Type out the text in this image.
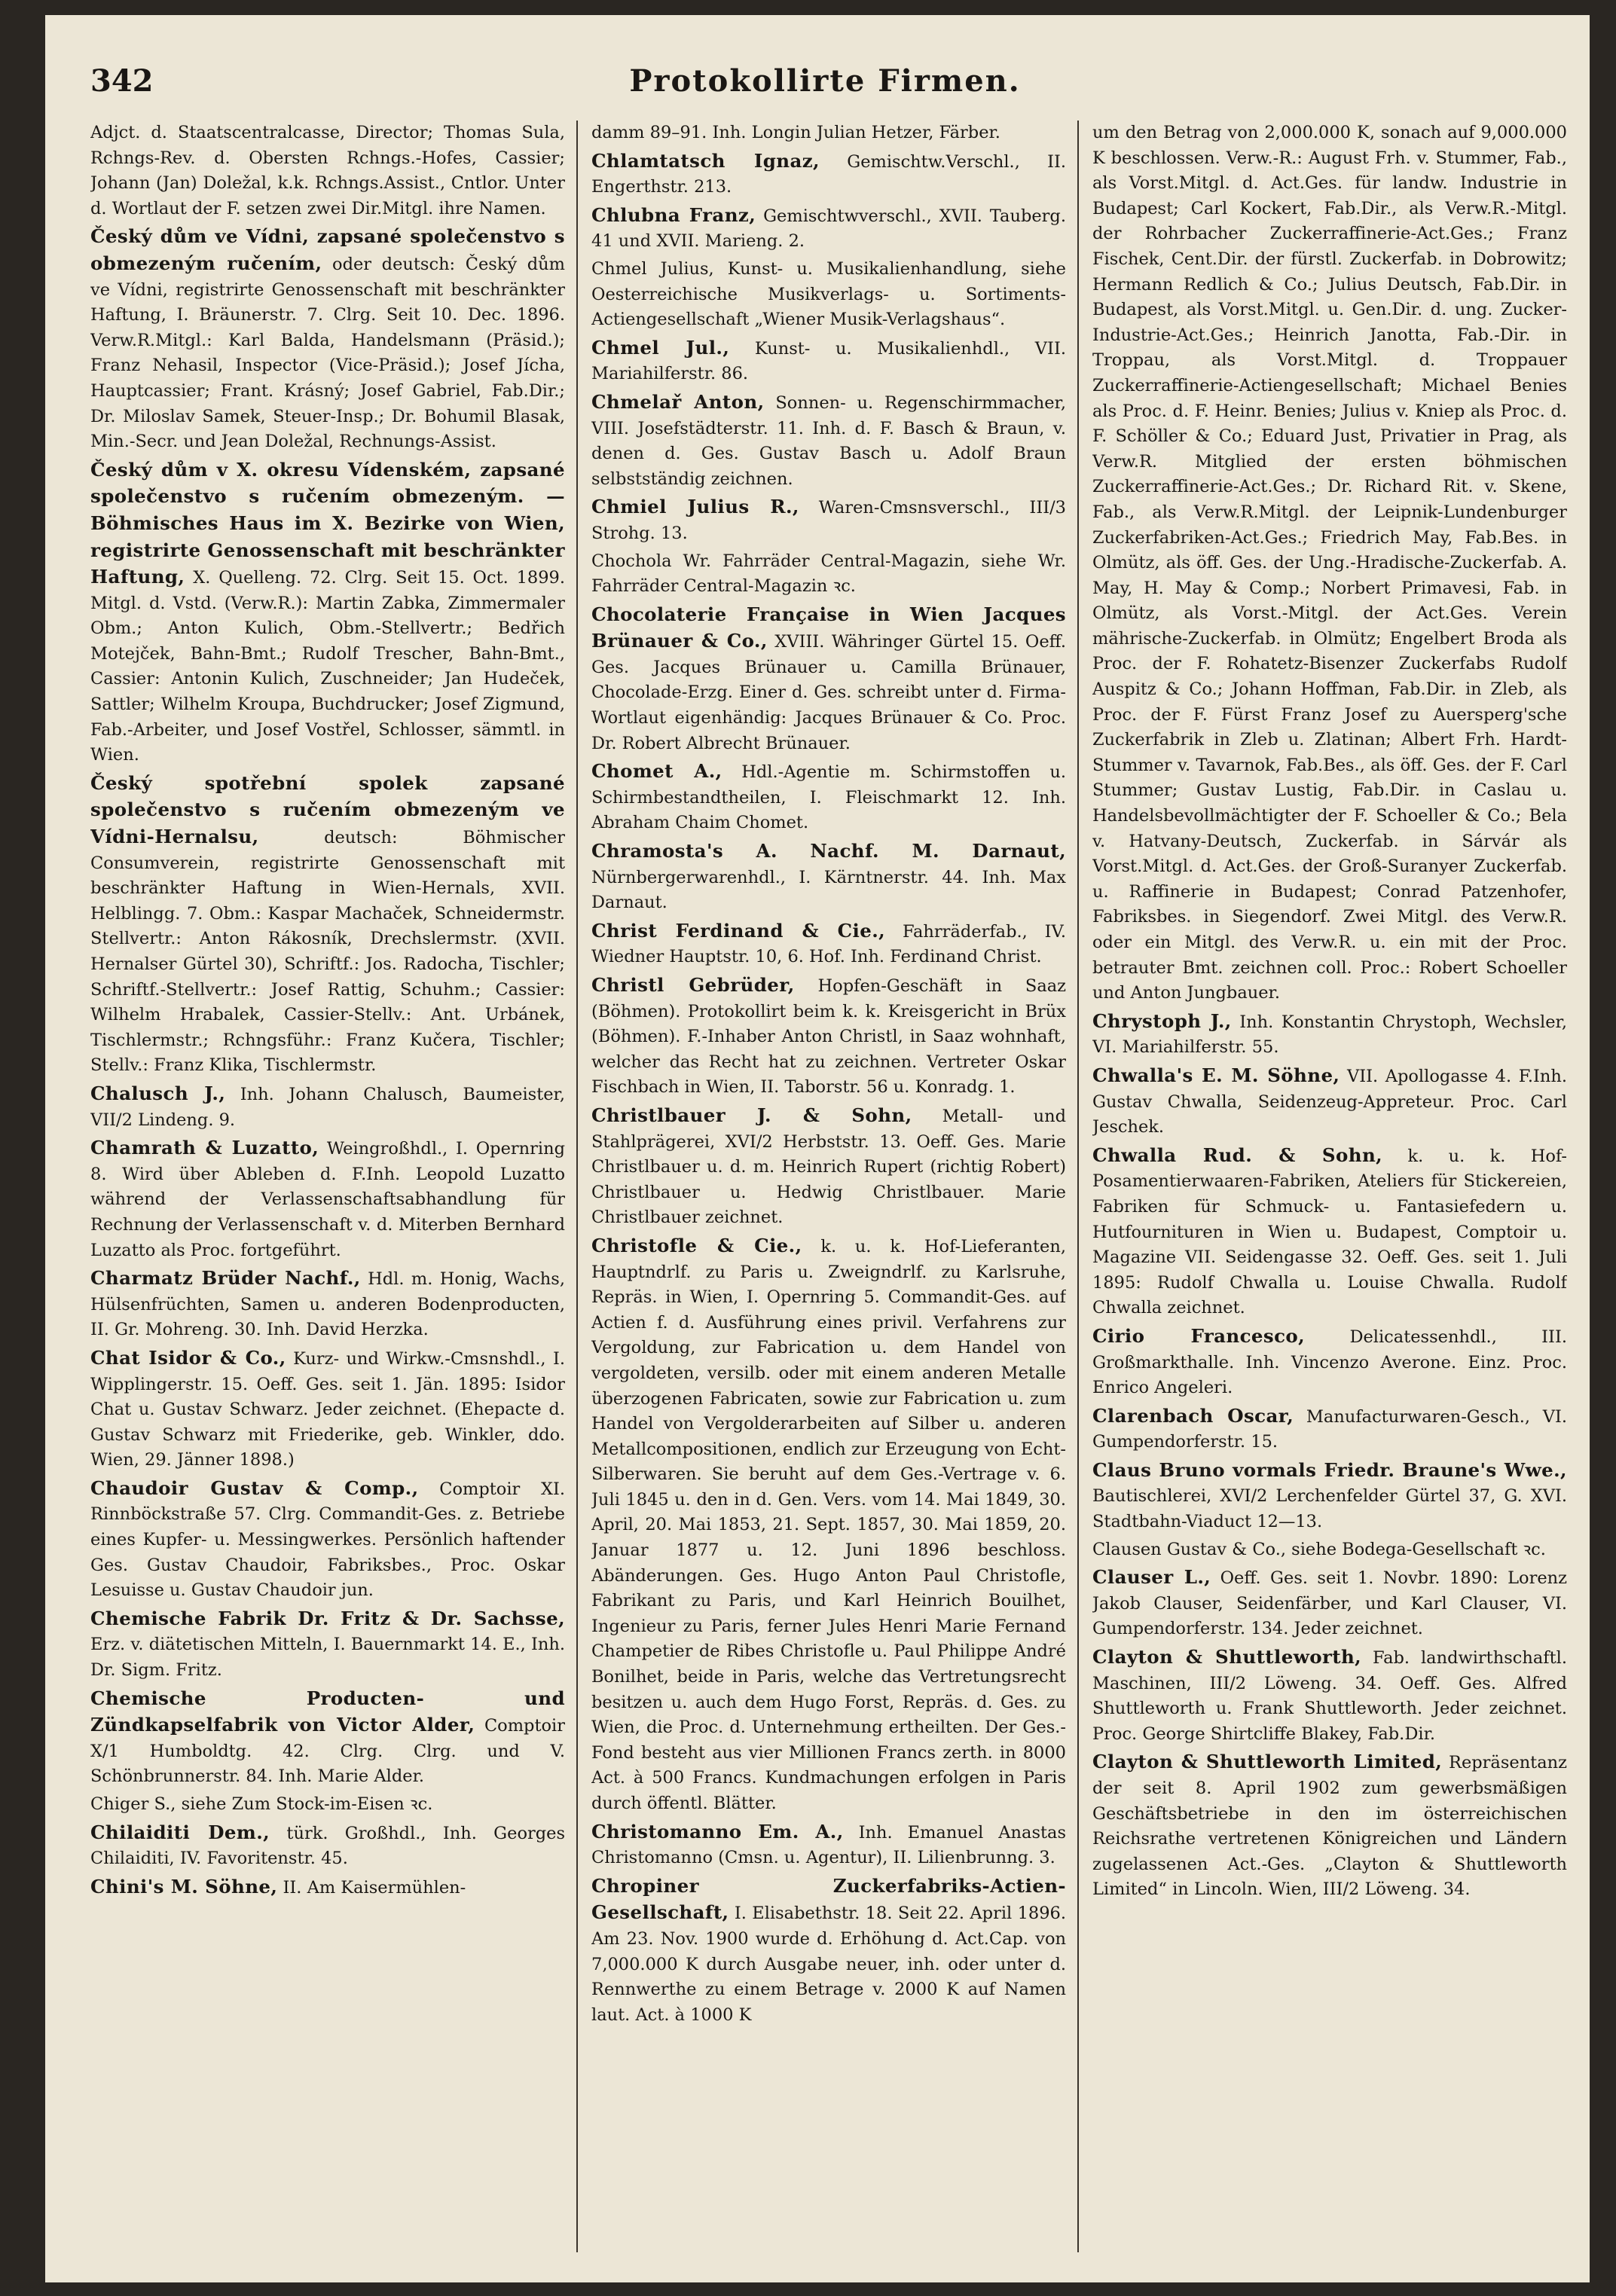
342	Protokollirte Firmen.

Adjct. d. Staatscentralcasse, Director; Thomas Sula, Rchngs-Rev. d. Obersten Rchngs.-Hofes, Cassier; Johann (Jan) Doležal, k.k. Rchngs.Assist., Cntlor. Unter d. Wortlaut der F. setzen zwei Dir.Mitgl. ihre Namen.

Český dům ve Vídni, zapsané společenstvo s obmezeným ručením, oder deutsch: Český dům ve Vídni, registrirte Genossenschaft mit beschränkter Haftung, I. Bräunerstr. 7. Clrg. Seit 10. Dec. 1896. Verw.R.Mitgl.: Karl Balda, Handelsmann (Präsid.); Franz Nehasil, Inspector (Vice-Präsid.); Josef Jícha, Hauptcassier; Frant. Krásný; Josef Gabriel, Fab.Dir.; Dr. Miloslav Samek, Steuer-Insp.; Dr. Bohumil Blasak, Min.-Secr. und Jean Doležal, Rechnungs-Assist.

Český dům v X. okresu Vídenském, zapsané společenstvo s ručením obmezeným. — Böhmisches Haus im X. Bezirke von Wien, registrirte Genossenschaft mit beschränkter Haftung, X. Quelleng. 72. Clrg. Seit 15. Oct. 1899. Mitgl. d. Vstd. (Verw.R.): Martin Zabka, Zimmermaler Obm.; Anton Kulich, Obm.-Stellvertr.; Bedřich Motejček, Bahn-Bmt.; Rudolf Trescher, Bahn-Bmt., Cassier: Antonin Kulich, Zuschneider; Jan Hudeček, Sattler; Wilhelm Kroupa, Buchdrucker; Josef Zigmund, Fab.-Arbeiter, und Josef Vostřel, Schlosser, sämmtl. in Wien.

Český spotřební spolek zapsané společenstvo s ručením obmezeným ve Vídni-Hernalsu,	deutsch: Böhmischer Consumverein, registrirte Genossenschaft mit beschränkter Haftung in Wien-Hernals, XVII. Helblingg. 7. Obm.: Kaspar Machaček, Schneidermstr. Stellvertr.: Anton Rákosník, Drechslermstr. (XVII. Hernalser Gürtel 30), Schriftf.: Jos. Radocha, Tischler; Schriftf.-Stellvertr.: Josef Rattig, Schuhm.; Cassier: Wilhelm Hrabalek, Cassier-Stellv.: Ant. Urbánek, Tischlermstr.; Rchngsführ.: Franz Kučera, Tischler; Stellv.: Franz Klika, Tischlermstr.

Chalusch J., Inh. Johann Chalusch, Baumeister, VII/2 Lindeng. 9.

Chamrath & Luzatto, Weingroßhdl., I. Opernring 8. Wird über Ableben d. F.Inh. Leopold Luzatto während der Verlassenschaftsabhandlung für Rechnung der Verlassenschaft v. d. Miterben Bernhard Luzatto als Proc. fortgeführt.

Charmatz Brüder Nachf., Hdl. m. Honig, Wachs, Hülsenfrüchten, Samen u. anderen Bodenproducten, II. Gr. Mohreng. 30. Inh. David Herzka.

Chat Isidor & Co., Kurz- und Wirkw.-Cmsnshdl., I. Wipplingerstr. 15. Oeff. Ges. seit 1. Jän. 1895: Isidor Chat u. Gustav Schwarz. Jeder zeichnet. (Ehepacte d. Gustav Schwarz mit Friederike, geb. Winkler, ddo. Wien, 29. Jänner 1898.)

Chaudoir Gustav & Comp., Comptoir XI. Rinnböckstraße 57. Clrg. Commandit-Ges. z. Betriebe eines Kupfer- u. Messingwerkes. Persönlich haftender Ges. Gustav Chaudoir, Fabriksbes., Proc. Oskar Lesuisse u. Gustav Chaudoir jun.

Chemische Fabrik Dr. Fritz & Dr. Sachsse, Erz. v. diätetischen Mitteln, I. Bauernmarkt 14. E., Inh. Dr. Sigm. Fritz.

Chemische Producten- und Zündkapselfabrik von Victor Alder, Comptoir X/1 Humboldtg. 42. Clrg. Clrg. und V. Schönbrunnerstr. 84. Inh. Marie Alder.

Chiger S., siehe Zum Stock-im-Eisen ꝛc.

Chilaiditi Dem., türk. Großhdl., Inh. Georges Chilaiditi, IV. Favoritenstr. 45.

Chini's M. Söhne, II. Am Kaisermühlen-

damm 89–91. Inh. Longin Julian Hetzer, Färber.

Chlamtatsch Ignaz, Gemischtw.Verschl., II. Engerthstr. 213.

Chlubna Franz, Gemischtwverschl., XVII. Tauberg. 41 und XVII. Marieng. 2.

Chmel Julius, Kunst- u. Musikalienhandlung, siehe Oesterreichische Musikverlags- u. Sortiments-Actiengesellschaft „Wiener Musik-Verlagshaus“.

Chmel Jul., Kunst- u. Musikalienhdl., VII. Mariahilferstr. 86.

Chmelař Anton, Sonnen- u. Regenschirmmacher, VIII. Josefstädterstr. 11. Inh. d. F. Basch & Braun, v. denen d. Ges. Gustav Basch u. Adolf Braun selbstständig zeichnen.

Chmiel Julius R., Waren-Cmsnsverschl., III/3 Strohg. 13.

Chochola Wr. Fahrräder Central-Magazin, siehe Wr. Fahrräder Central-Magazin ꝛc.

Chocolaterie Française in Wien Jacques Brünauer & Co., XVIII. Währinger Gürtel 15. Oeff. Ges. Jacques Brünauer u. Camilla Brünauer, Chocolade-Erzg. Einer d. Ges. schreibt unter d. Firma-Wortlaut eigenhändig: Jacques Brünauer & Co. Proc. Dr. Robert Albrecht Brünauer.

Chomet A., Hdl.-Agentie m. Schirmstoffen u. Schirmbestandtheilen, I. Fleischmarkt 12. Inh. Abraham Chaim Chomet.

Chramosta's A. Nachf. M. Darnaut, Nürnbergerwarenhdl., I. Kärntnerstr. 44. Inh. Max Darnaut.

Christ Ferdinand & Cie., Fahrräderfab., IV. Wiedner Hauptstr. 10, 6. Hof. Inh. Ferdinand Christ.

Christl Gebrüder, Hopfen-Geschäft in Saaz (Böhmen). Protokollirt beim k. k. Kreisgericht in Brüx (Böhmen). F.-Inhaber Anton Christl, in Saaz wohnhaft, welcher das Recht hat zu zeichnen. Vertreter Oskar Fischbach in Wien, II. Taborstr. 56 u. Konradg. 1.

Christlbauer J. & Sohn, Metall- und Stahlprägerei, XVI/2 Herbststr. 13. Oeff. Ges. Marie Christlbauer u. d. m. Heinrich Rupert (richtig Robert) Christlbauer u. Hedwig Christlbauer. Marie Christlbauer zeichnet.

Christofle & Cie., k. u. k. Hof-Lieferanten, Hauptndrlf. zu Paris u. Zweigndrlf. zu Karlsruhe, Repräs. in Wien, I. Opernring 5. Commandit-Ges. auf Actien f. d. Ausführung eines privil. Verfahrens zur Vergoldung, zur Fabrication u. dem Handel von vergoldeten, versilb. oder mit einem anderen Metalle überzogenen Fabricaten, sowie zur Fabrication u. zum Handel von Vergolderarbeiten auf Silber u. anderen Metallcompositionen, endlich zur Erzeugung von Echt-Silberwaren. Sie beruht auf dem Ges.-Vertrage v. 6. Juli 1845 u. den in d. Gen. Vers. vom 14. Mai 1849, 30. April, 20. Mai 1853, 21. Sept. 1857, 30. Mai 1859, 20. Januar 1877 u. 12. Juni 1896 beschloss. Abänderungen. Ges. Hugo Anton Paul Christofle, Fabrikant zu Paris, und Karl Heinrich Bouilhet, Ingenieur zu Paris, ferner Jules Henri Marie Fernand Champetier de Ribes Christofle u. Paul Philippe André Bonilhet, beide in Paris, welche das Vertretungsrecht besitzen u. auch dem Hugo Forst, Repräs. d. Ges. zu Wien, die Proc. d. Unternehmung ertheilten. Der Ges.-Fond besteht aus vier Millionen Francs zerth. in 8000 Act. à 500 Francs. Kundmachungen erfolgen in Paris durch öffentl. Blätter.

Christomanno Em. A., Inh. Emanuel Anastas Christomanno (Cmsn. u. Agentur), II. Lilienbrunng. 3.

Chropiner Zuckerfabriks-Actien-Gesellschaft, I. Elisabethstr. 18. Seit 22. April 1896. Am 23. Nov. 1900 wurde d. Erhöhung d. Act.Cap. von 7,000.000 K durch Ausgabe neuer, inh. oder unter d. Rennwerthe zu einem Betrage v. 2000 K auf Namen laut. Act. à 1000 K

um den Betrag von 2,000.000 K, sonach auf 9,000.000 K beschlossen. Verw.-R.: August Frh. v. Stummer, Fab., als Vorst.Mitgl. d. Act.Ges. für landw. Industrie in Budapest; Carl Kockert, Fab.Dir., als Verw.R.-Mitgl. der Rohrbacher Zuckerraffinerie-Act.Ges.; Franz Fischek, Cent.Dir. der fürstl. Zuckerfab. in Dobrowitz; Hermann Redlich & Co.; Julius Deutsch, Fab.Dir. in Budapest, als Vorst.Mitgl. u. Gen.Dir. d. ung. Zucker-Industrie-Act.Ges.; Heinrich Janotta, Fab.-Dir. in Troppau, als Vorst.Mitgl. d. Troppauer Zuckerraffinerie-Actiengesellschaft; Michael Benies als Proc. d. F. Heinr. Benies; Julius v. Kniep als Proc. d. F. Schöller & Co.; Eduard Just, Privatier in Prag, als Verw.R. Mitglied der ersten böhmischen Zuckerraffinerie-Act.Ges.; Dr. Richard Rit. v. Skene, Fab., als Verw.R.Mitgl. der Leipnik-Lundenburger Zuckerfabriken-Act.Ges.; Friedrich May, Fab.Bes. in Olmütz, als öff. Ges. der Ung.-Hradische-Zuckerfab. A. May, H. May & Comp.; Norbert Primavesi, Fab. in Olmütz, als Vorst.-Mitgl. der Act.Ges. Verein mährische-Zuckerfab. in Olmütz; Engelbert Broda als Proc. der F. Rohatetz-Bisenzer Zuckerfabs Rudolf Auspitz & Co.; Johann Hoffman, Fab.Dir. in Zleb, als Proc. der F. Fürst Franz Josef zu Auersperg'sche Zuckerfabrik in Zleb u. Zlatinan; Albert Frh. Hardt-Stummer v. Tavarnok, Fab.Bes., als öff. Ges. der F. Carl Stummer; Gustav Lustig, Fab.Dir. in Caslau u. Handelsbevollmächtigter der F. Schoeller & Co.; Bela v. Hatvany-Deutsch, Zuckerfab. in Sárvár als Vorst.Mitgl. d. Act.Ges. der Groß-Suranyer Zuckerfab. u. Raffinerie in Budapest; Conrad Patzenhofer, Fabriksbes. in Siegendorf. Zwei Mitgl. des Verw.R. oder ein Mitgl. des Verw.R. u. ein mit der Proc. betrauter Bmt. zeichnen coll. Proc.: Robert Schoeller und Anton Jungbauer.

Chrystoph J., Inh. Konstantin Chrystoph, Wechsler, VI. Mariahilferstr. 55.

Chwalla's E. M. Söhne, VII. Apollogasse 4. F.Inh. Gustav Chwalla, Seidenzeug-Appreteur. Proc. Carl Jeschek.

Chwalla Rud. & Sohn, k. u. k. Hof-Posamentierwaaren-Fabriken, Ateliers für Stickereien, Fabriken für Schmuck- u. Fantasiefedern u. Hutfournituren in Wien u. Budapest, Comptoir u. Magazine VII. Seidengasse 32. Oeff. Ges. seit 1. Juli 1895: Rudolf Chwalla u. Louise Chwalla. Rudolf Chwalla zeichnet.

Cirio Francesco,	Delicatessenhdl., III. Großmarkthalle. Inh. Vincenzo Averone. Einz. Proc. Enrico Angeleri.

Clarenbach Oscar, Manufacturwaren-Gesch., VI. Gumpendorferstr. 15.

Claus Bruno vormals Friedr. Braune's Wwe., Bautischlerei, XVI/2 Lerchenfelder Gürtel 37, G. XVI. Stadtbahn-Viaduct 12—13.

Clausen Gustav & Co., siehe Bodega-Gesellschaft ꝛc.

Clauser L., Oeff. Ges. seit 1. Novbr. 1890: Lorenz Jakob Clauser, Seidenfärber, und Karl Clauser, VI. Gumpendorferstr. 134. Jeder zeichnet.

Clayton & Shuttleworth, Fab. landwirthschaftl. Maschinen, III/2 Löweng. 34. Oeff. Ges. Alfred Shuttleworth u. Frank Shuttleworth. Jeder zeichnet. Proc. George Shirtcliffe Blakey, Fab.Dir.

Clayton & Shuttleworth Limited, Repräsentanz der seit 8. April 1902 zum gewerbsmäßigen Geschäftsbetriebe in den im österreichischen Reichsrathe vertretenen Königreichen und Ländern zugelassenen Act.-Ges. „Clayton & Shuttleworth Limited“ in Lincoln. Wien, III/2 Löweng. 34.
